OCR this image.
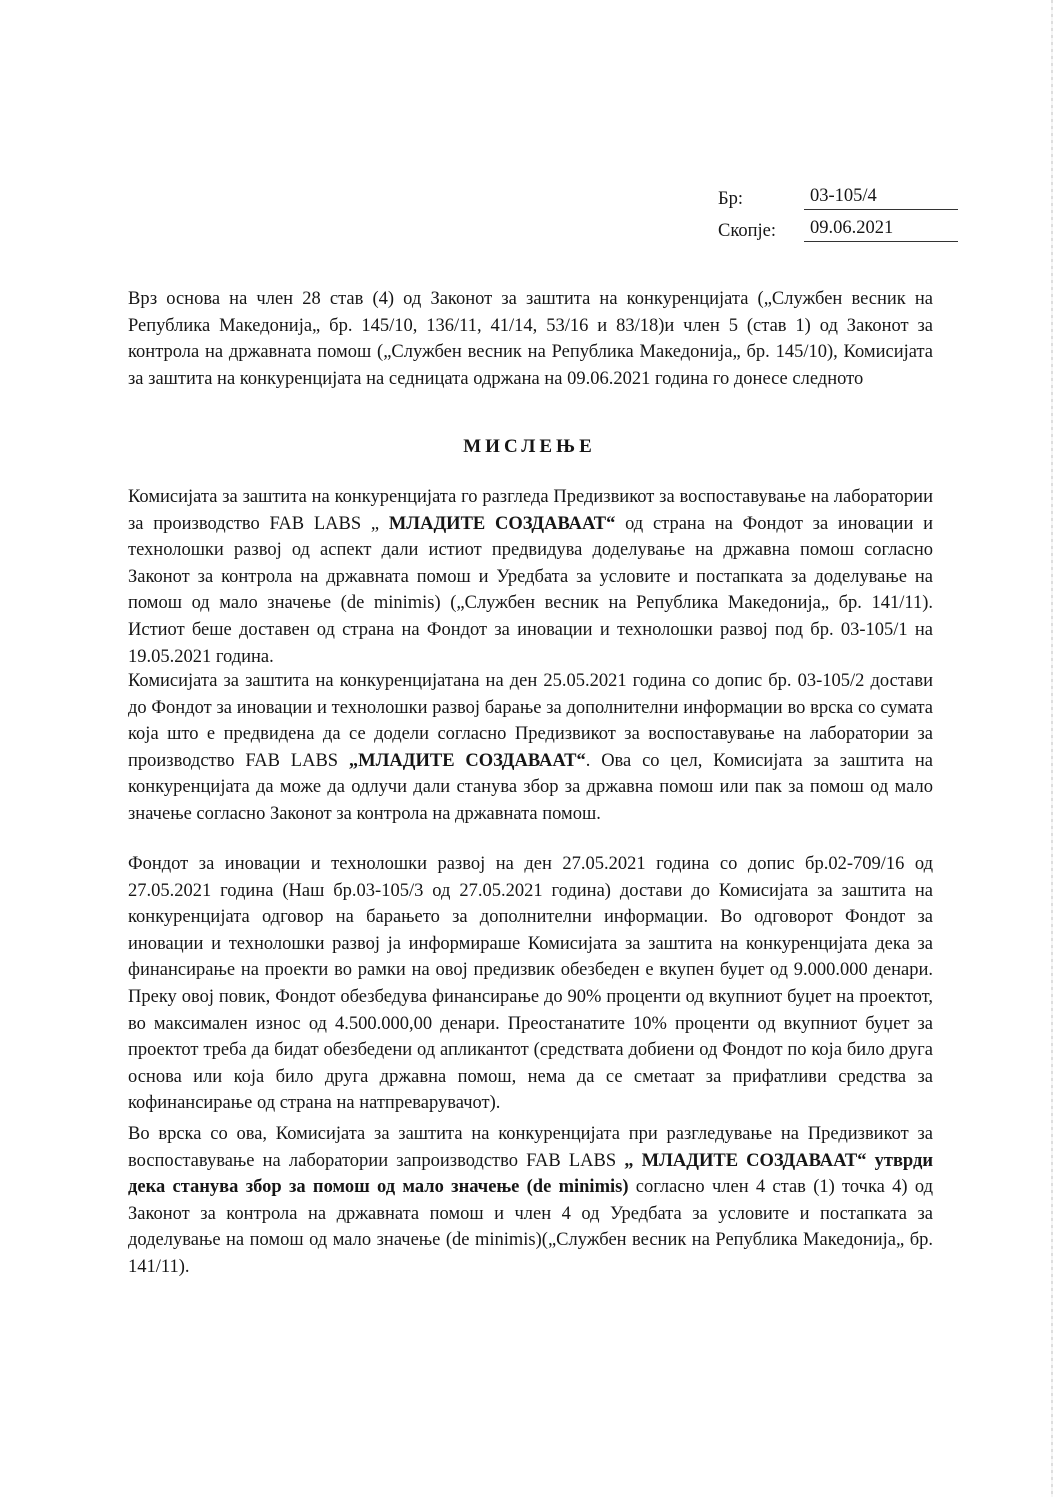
Бр:	03-105/4
Скопје:	09.06.2021

Врз основа на член 28 став (4) од Законот за заштита на конкуренцијата („Службен весник на Република Македонија„ бр. 145/10, 136/11, 41/14, 53/16 и 83/18)и член 5 (став 1) од Законот за контрола на државната помош („Службен весник на Република Македонија„ бр. 145/10), Комисијата за заштита на конкуренцијата на седницата одржана на 09.06.2021 година го донесе следното

МИСЛЕЊЕ

Комисијата за заштита на конкуренцијата го разгледа Предизвикот за воспоставување на лаборатории за производство FAB LABS „ МЛАДИТЕ СОЗДАВААТ“ од страна на Фондот за иновации и технолошки развој од аспект дали истиот предвидува доделување на државна помош согласно Законот за контрола на државната помош и Уредбата за условите и постапката за доделување на помош од мало значење (de minimis) („Службен весник на Република Македонија„ бр. 141/11). Истиот беше доставен од страна на Фондот за иновации и технолошки развој под бр. 03-105/1 на 19.05.2021 година.

Комисијата за заштита на конкуренцијатана на ден 25.05.2021 година со допис бр. 03-105/2 достави до Фондот за иновации и технолошки развој барање за дополнителни информации во врска со сумата која што е предвидена да се додели согласно Предизвикот за воспоставување на лаборатории за производство FAB LABS „МЛАДИТЕ СОЗДАВААТ“. Ова со цел, Комисијата за заштита на конкуренцијата да може да одлучи дали станува збор за државна помош или пак за помош од мало значење согласно Законот за контрола на државната помош.

Фондот за иновации и технолошки развој на ден 27.05.2021 година со допис бр.02-709/16 од 27.05.2021 година (Наш бр.03-105/3 од 27.05.2021 година) достави до Комисијата за заштита на конкуренцијата одговор на барањето за дополнителни информации. Во одговорот Фондот за иновации и технолошки развој ја информираше Комисијата за заштита на конкуренцијата дека за финансирање на проекти во рамки на овој предизвик обезбеден е вкупен буџет од 9.000.000 денари. Преку овој повик, Фондот обезбедува финансирање до 90% проценти од вкупниот буџет на проектот, во максимален износ од 4.500.000,00 денари. Преостанатите 10% проценти од вкупниот буџет за проектот треба да бидат обезбедени од апликантот (средствата добиени од Фондот по која било друга основа или која било друга државна помош, нема да се сметаат за прифатливи средства за кофинансирање од страна на натпреварувачот).

Во врска со ова, Комисијата за заштита на конкуренцијата при разгледување на Предизвикот за воспоставување на лаборатории запроизводство FAB LABS „ МЛАДИТЕ СОЗДАВААТ“ утврди дека станува збор за помош од мало значење (de minimis) согласно член 4 став (1) точка 4) од Законот за контрола на државната помош и член 4 од Уредбата за условите и постапката за доделување на помош од мало значење (de minimis)(„Службен весник на Република Македонија„ бр. 141/11).
